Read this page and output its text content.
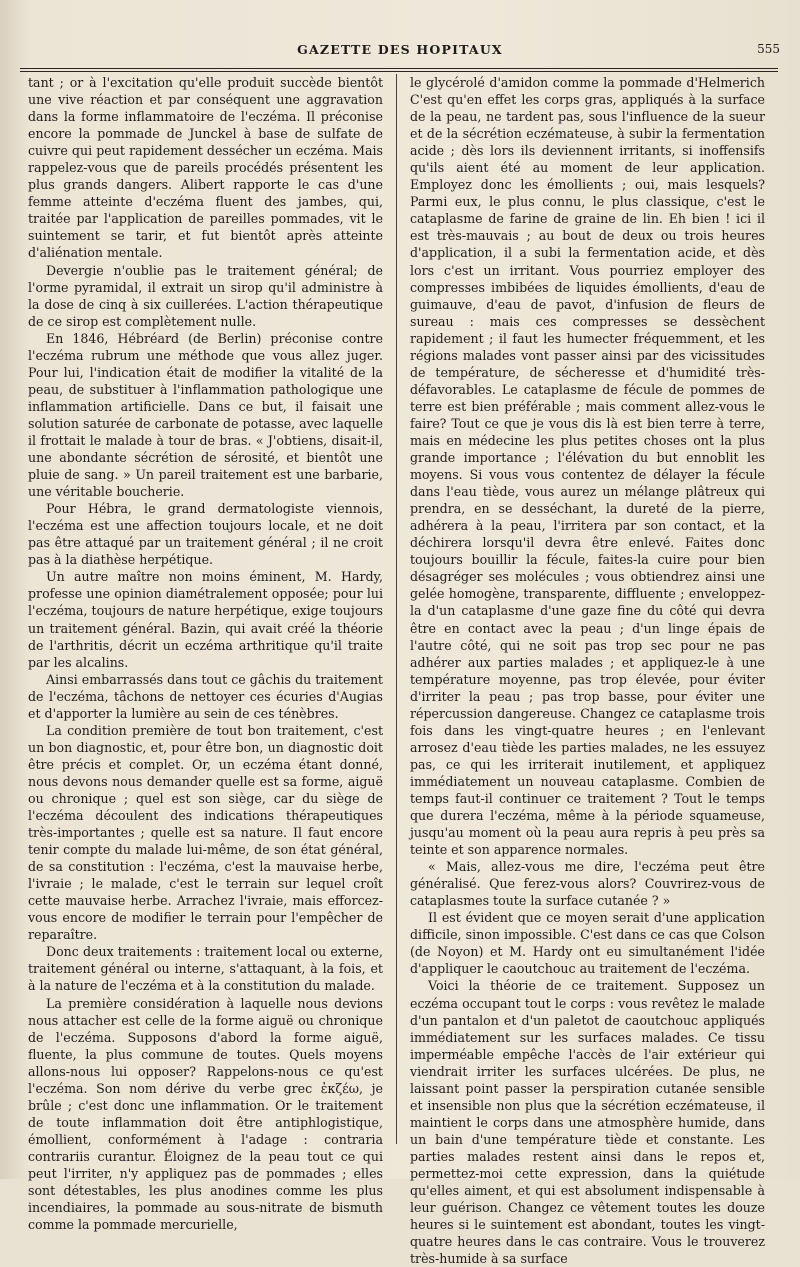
GAZETTE DES HOPITAUX	555

tant ; or à l'excitation qu'elle produit succède bientôt une vive réaction et par conséquent une aggravation dans la forme inflammatoire de l'eczéma. Il préconise encore la pommade de Junckel à base de sulfate de cuivre qui peut rapidement dessécher un eczéma. Mais rappelez-vous que de pareils procédés présentent les plus grands dangers. Alibert rapporte le cas d'une femme atteinte d'eczéma fluent des jambes, qui, traitée par l'application de pareilles pommades, vit le suintement se tarir, et fut bientôt après atteinte d'aliénation mentale.

Devergie n'oublie pas le traitement général; de l'orme pyramidal, il extrait un sirop qu'il administre à la dose de cinq à six cuillerées. L'action thérapeutique de ce sirop est complètement nulle.

En 1846, Hébréard (de Berlin) préconise contre l'eczéma rubrum une méthode que vous allez juger. Pour lui, l'indication était de modifier la vitalité de la peau, de substituer à l'inflammation pathologique une inflammation artificielle. Dans ce but, il faisait une solution saturée de carbonate de potasse, avec laquelle il frottait le malade à tour de bras. « J'obtiens, disait-il, une abondante sécrétion de sérosité, et bientôt une pluie de sang. » Un pareil traitement est une barbarie, une véritable boucherie.

Pour Hébra, le grand dermatologiste viennois, l'eczéma est une affection toujours locale, et ne doit pas être attaqué par un traitement général ; il ne croit pas à la diathèse herpétique.

Un autre maître non moins éminent, M. Hardy, professe une opinion diamétralement opposée; pour lui l'eczéma, toujours de nature herpétique, exige toujours un traitement général. Bazin, qui avait créé la théorie de l'arthritis, décrit un eczéma arthritique qu'il traite par les alcalins.

Ainsi embarrassés dans tout ce gâchis du traitement de l'eczéma, tâchons de nettoyer ces écuries d'Augias et d'apporter la lumière au sein de ces ténèbres.

La condition première de tout bon traitement, c'est un bon diagnostic, et, pour être bon, un diagnostic doit être précis et complet. Or, un eczéma étant donné, nous devons nous demander quelle est sa forme, aiguë ou chronique ; quel est son siège, car du siège de l'eczéma découlent des indications thérapeutiques très-importantes ; quelle est sa nature. Il faut encore tenir compte du malade lui-même, de son état général, de sa constitution : l'eczéma, c'est la mauvaise herbe, l'ivraie ; le malade, c'est le terrain sur lequel croît cette mauvaise herbe. Arrachez l'ivraie, mais efforcez-vous encore de modifier le terrain pour l'empêcher de reparaître.

Donc deux traitements : traitement local ou externe, traitement général ou interne, s'attaquant, à la fois, et à la nature de l'eczéma et à la constitution du malade.

La première considération à laquelle nous devions nous attacher est celle de la forme aiguë ou chronique de l'eczéma. Supposons d'abord la forme aiguë, fluente, la plus commune de toutes. Quels moyens allons-nous lui opposer? Rappelons-nous ce qu'est l'eczéma. Son nom dérive du verbe grec ἐκζέω, je brûle ; c'est donc une inflammation. Or le traitement de toute inflammation doit être antiphlogistique, émollient, conformément à l'adage : contraria contrariis curantur. Éloignez de la peau tout ce qui peut l'irriter, n'y appliquez pas de pommades ; elles sont détestables, les plus anodines comme les plus incendiaires, la pommade au sous-nitrate de bismuth comme la pommade mercurielle,

le glycérolé d'amidon comme la pommade d'Helmerich C'est qu'en effet les corps gras, appliqués à la surface de la peau, ne tardent pas, sous l'influence de la sueur et de la sécrétion eczémateuse, à subir la fermentation acide ; dès lors ils deviennent irritants, si inoffensifs qu'ils aient été au moment de leur application. Employez donc les émollients ; oui, mais lesquels? Parmi eux, le plus connu, le plus classique, c'est le cataplasme de farine de graine de lin. Eh bien ! ici il est très-mauvais ; au bout de deux ou trois heures d'application, il a subi la fermentation acide, et dès lors c'est un irritant. Vous pourriez employer des compresses imbibées de liquides émollients, d'eau de guimauve, d'eau de pavot, d'infusion de fleurs de sureau : mais ces compresses se dessèchent rapidement ; il faut les humecter fréquemment, et les régions malades vont passer ainsi par des vicissitudes de température, de sécheresse et d'humidité très-défavorables. Le cataplasme de fécule de pommes de terre est bien préférable ; mais comment allez-vous le faire? Tout ce que je vous dis là est bien terre à terre, mais en médecine les plus petites choses ont la plus grande importance ; l'élévation du but ennoblit les moyens. Si vous vous contentez de délayer la fécule dans l'eau tiède, vous aurez un mélange plâtreux qui prendra, en se desséchant, la dureté de la pierre, adhérera à la peau, l'irritera par son contact, et la déchirera lorsqu'il devra être enlevé. Faites donc toujours bouillir la fécule, faites-la cuire pour bien désagréger ses molécules ; vous obtiendrez ainsi une gelée homogène, transparente, diffluente ; enveloppez-la d'un cataplasme d'une gaze fine du côté qui devra être en contact avec la peau ; d'un linge épais de l'autre côté, qui ne soit pas trop sec pour ne pas adhérer aux parties malades ; et appliquez-le à une température moyenne, pas trop élevée, pour éviter d'irriter la peau ; pas trop basse, pour éviter une répercussion dangereuse. Changez ce cataplasme trois fois dans les vingt-quatre heures ; en l'enlevant arrosez d'eau tiède les parties malades, ne les essuyez pas, ce qui les irriterait inutilement, et appliquez immédiatement un nouveau cataplasme. Combien de temps faut-il continuer ce traitement ? Tout le temps que durera l'eczéma, même à la période squameuse, jusqu'au moment où la peau aura repris à peu près sa teinte et son apparence normales.

« Mais, allez-vous me dire, l'eczéma peut être généralisé. Que ferez-vous alors? Couvrirez-vous de cataplasmes toute la surface cutanée ? »

Il est évident que ce moyen serait d'une application difficile, sinon impossible. C'est dans ce cas que Colson (de Noyon) et M. Hardy ont eu simultanément l'idée d'appliquer le caoutchouc au traitement de l'eczéma.

Voici la théorie de ce traitement. Supposez un eczéma occupant tout le corps : vous revêtez le malade d'un pantalon et d'un paletot de caoutchouc appliqués immédiatement sur les surfaces malades. Ce tissu imperméable empêche l'accès de l'air extérieur qui viendrait irriter les surfaces ulcérées. De plus, ne laissant point passer la perspiration cutanée sensible et insensible non plus que la sécrétion eczémateuse, il maintient le corps dans une atmosphère humide, dans un bain d'une température tiède et constante. Les parties malades restent ainsi dans le repos et, permettez-moi cette expression, dans la quiétude qu'elles aiment, et qui est absolument indispensable à leur guérison. Changez ce vêtement toutes les douze heures si le suintement est abondant, toutes les vingt-quatre heures dans le cas contraire. Vous le trouverez très-humide à sa surface
